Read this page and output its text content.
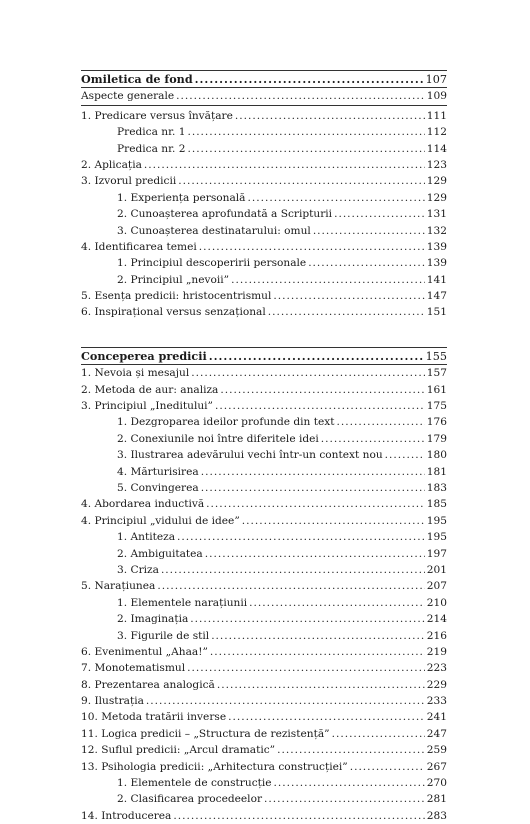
Omiletica de fond .....	107
Aspecte generale .....	109
1. Predicare versus învățare .....	111
Predica nr. 1 .....	112
Predica nr. 2 .....	114
2. Aplicația .....	123
3. Izvorul predicii .....	129
1. Experiența personală .....	129
2. Cunoașterea aprofundată a Scripturii .....	131
3. Cunoașterea destinatarului: omul .....	132
4. Identificarea temei .....	139
1. Principiul descoperirii personale .....	139
2. Principiul „nevoii” .....	141
5. Esența predicii: hristocentrismul .....	147
6. Inspirațional versus senzațional .....	151
Conceperea predicii .....	155
1. Nevoia și mesajul .....	157
2. Metoda de aur: analiza .....	161
3. Principiul „Ineditului” .....	175
1. Dezgroparea ideilor profunde din text .....	176
2. Conexiunile noi între diferitele idei .....	179
3. Ilustrarea adevărului vechi într-un context nou .....	180
4. Mărturisirea .....	181
5. Convingerea .....	183
4. Abordarea inductivă .....	185
4. Principiul „vidului de idee” .....	195
1. Antiteza .....	195
2. Ambiguitatea .....	197
3. Criza .....	201
5. Narațiunea .....	207
1. Elementele narațiunii .....	210
2. Imaginația .....	214
3. Figurile de stil .....	216
6. Evenimentul „Ahaa!” .....	219
7. Monotematismul .....	223
8. Prezentarea analogică .....	229
9. Ilustrația .....	233
10. Metoda tratării inverse .....	241
11. Logica predicii – „Structura de rezistență” .....	247
12. Suflul predicii: „Arcul dramatic” .....	259
13. Psihologia predicii: „Arhitectura construcției” .....	267
1. Elementele de construcție .....	270
2. Clasificarea procedeelor .....	281
14. Introducerea .....	283
